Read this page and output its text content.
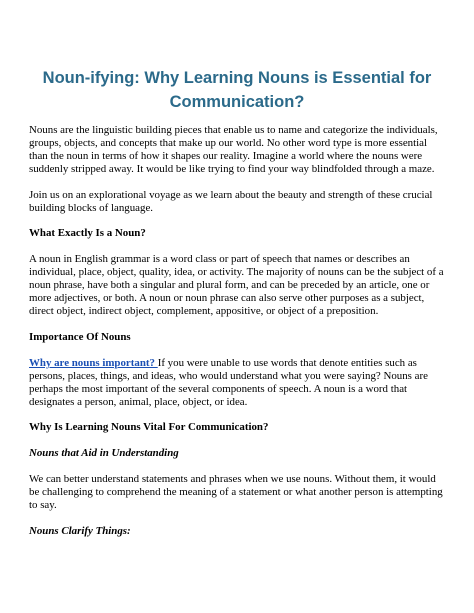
Noun-ifying: Why Learning Nouns is Essential for
Communication?

Nouns are the linguistic building pieces that enable us to name and categorize the individuals, groups, objects, and concepts that make up our world. No other word type is more essential than the noun in terms of how it shapes our reality. Imagine a world where the nouns were suddenly stripped away. It would be like trying to find your way blindfolded through a maze.

Join us on an explorational voyage as we learn about the beauty and strength of these crucial building blocks of language.

What Exactly Is a Noun?

A noun in English grammar is a word class or part of speech that names or describes an individual, place, object, quality, idea, or activity. The majority of nouns can be the subject of a noun phrase, have both a singular and plural form, and can be preceded by an article, one or more adjectives, or both. A noun or noun phrase can also serve other purposes as a subject, direct object, indirect object, complement, appositive, or object of a preposition.

Importance Of Nouns

Why are nouns important? If you were unable to use words that denote entities such as persons, places, things, and ideas, who would understand what you were saying? Nouns are perhaps the most important of the several components of speech. A noun is a word that designates a person, animal, place, object, or idea.

Why Is Learning Nouns Vital For Communication?
Nouns that Aid in Understanding

We can better understand statements and phrases when we use nouns. Without them, it would be challenging to comprehend the meaning of a statement or what another person is attempting to say.

Nouns Clarify Things:
